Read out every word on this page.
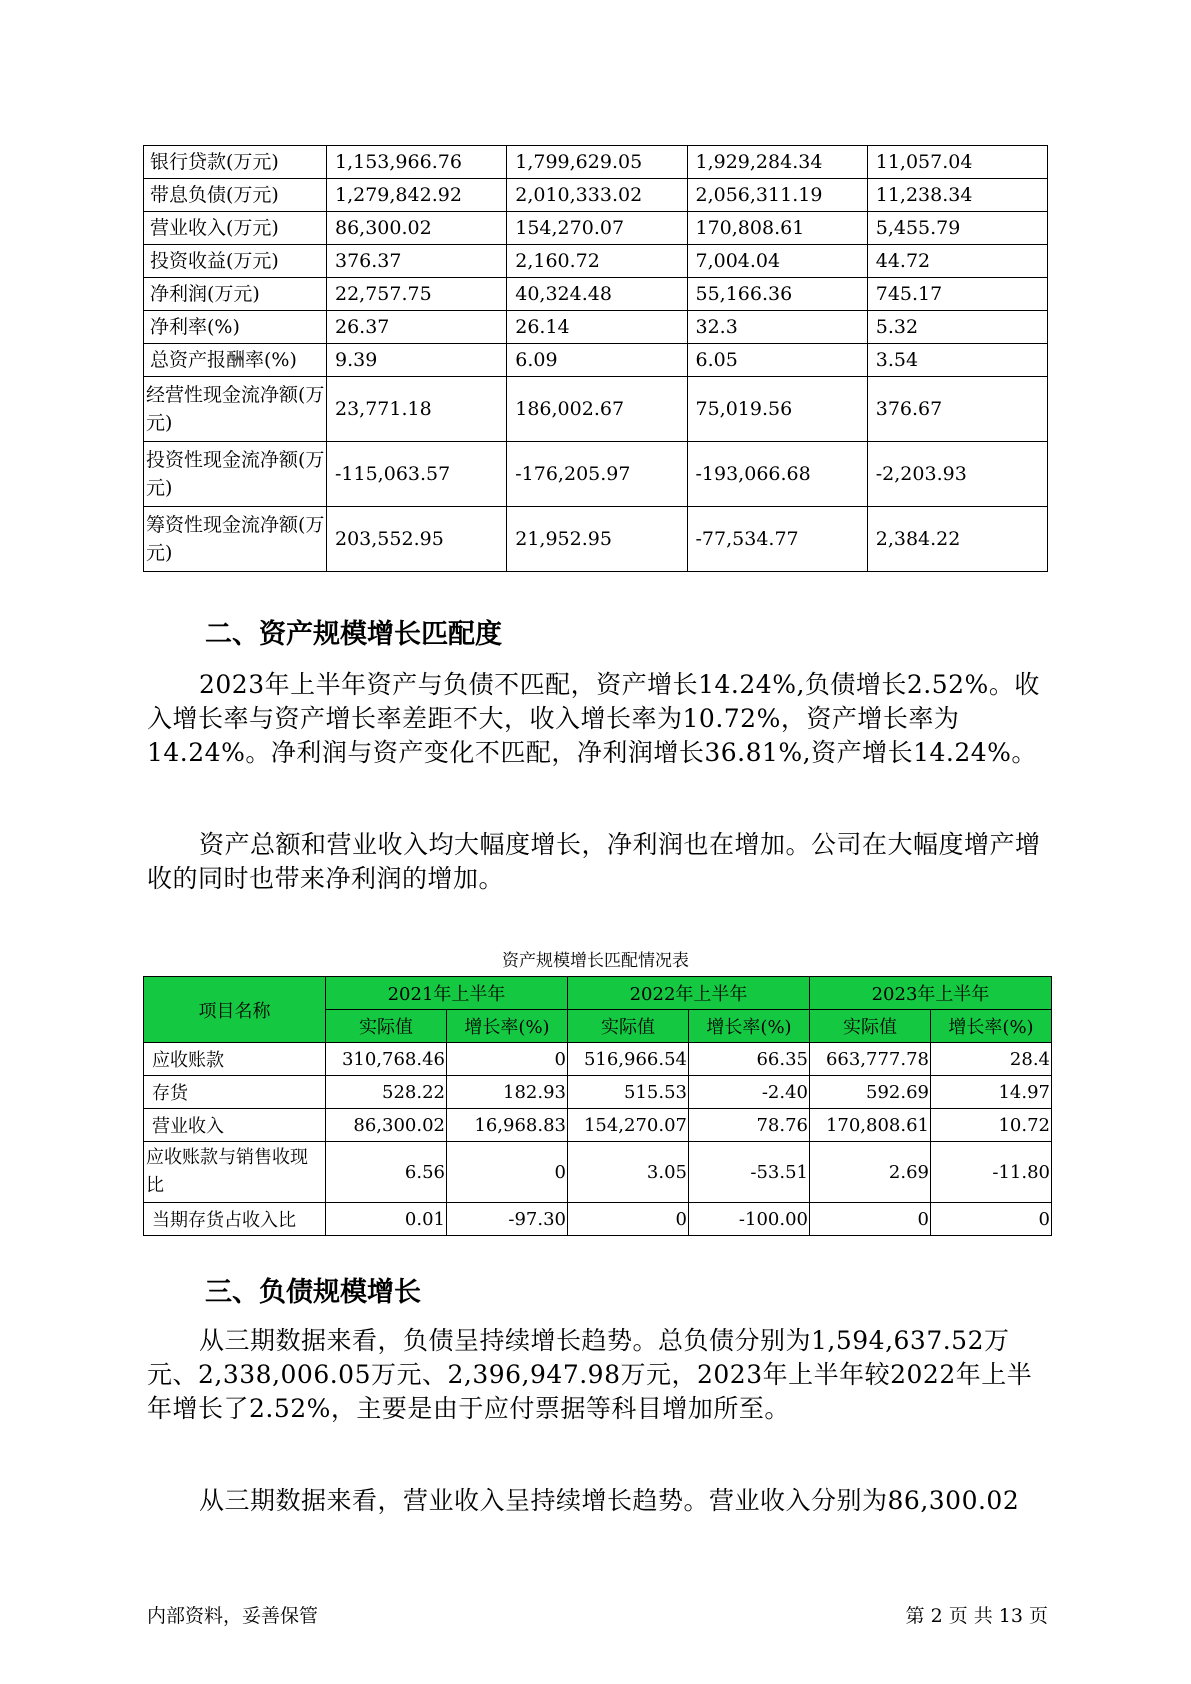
银行贷款(万元)	1,153,966.76	1,799,629.05	1,929,284.34	11,057.04
带息负债(万元)	1,279,842.92	2,010,333.02	2,056,311.19	11,238.34
营业收入(万元)	86,300.02	154,270.07	170,808.61	5,455.79
投资收益(万元)	376.37	2,160.72	7,004.04	44.72
净利润(万元)	22,757.75	40,324.48	55,166.36	745.17
净利率(%)	26.37	26.14	32.3	5.32
总资产报酬率(%)	9.39	6.09	6.05	3.54
经营性现金流净额(万元)	23,771.18	186,002.67	75,019.56	376.67
投资性现金流净额(万元)	-115,063.57	-176,205.97	-193,066.68	-2,203.93
筹资性现金流净额(万元)	203,552.95	21,952.95	-77,534.77	2,384.22
二、资产规模增长匹配度

2023年上半年资产与负债不匹配，资产增长14.24%,负债增长2.52%。收入增长率与资产增长率差距不大，收入增长率为10.72%，资产增长率为14.24%。净利润与资产变化不匹配，净利润增长36.81%,资产增长14.24%。

资产总额和营业收入均大幅度增长，净利润也在增加。公司在大幅度增产增收的同时也带来净利润的增加。

资产规模增长匹配情况表

项目名称	2021年上半年		2022年上半年		2023年上半年	
	实际值	增长率(%)	实际值	增长率(%)	实际值	增长率(%)
应收账款	310,768.46	0	516,966.54	66.35	663,777.78	28.4
存货	528.22	182.93	515.53	-2.40	592.69	14.97
营业收入	86,300.02	16,968.83	154,270.07	78.76	170,808.61	10.72
应收账款与销售收现比	6.56	0	3.05	-53.51	2.69	-11.80
当期存货占收入比	0.01	-97.30	0	-100.00	0	0
三、负债规模增长

从三期数据来看，负债呈持续增长趋势。总负债分别为1,594,637.52万元、2,338,006.05万元、2,396,947.98万元，2023年上半年较2022年上半年增长了2.52%，主要是由于应付票据等科目增加所至。

从三期数据来看，营业收入呈持续增长趋势。营业收入分别为86,300.02

内部资料，妥善保管	第 2 页 共 13 页
